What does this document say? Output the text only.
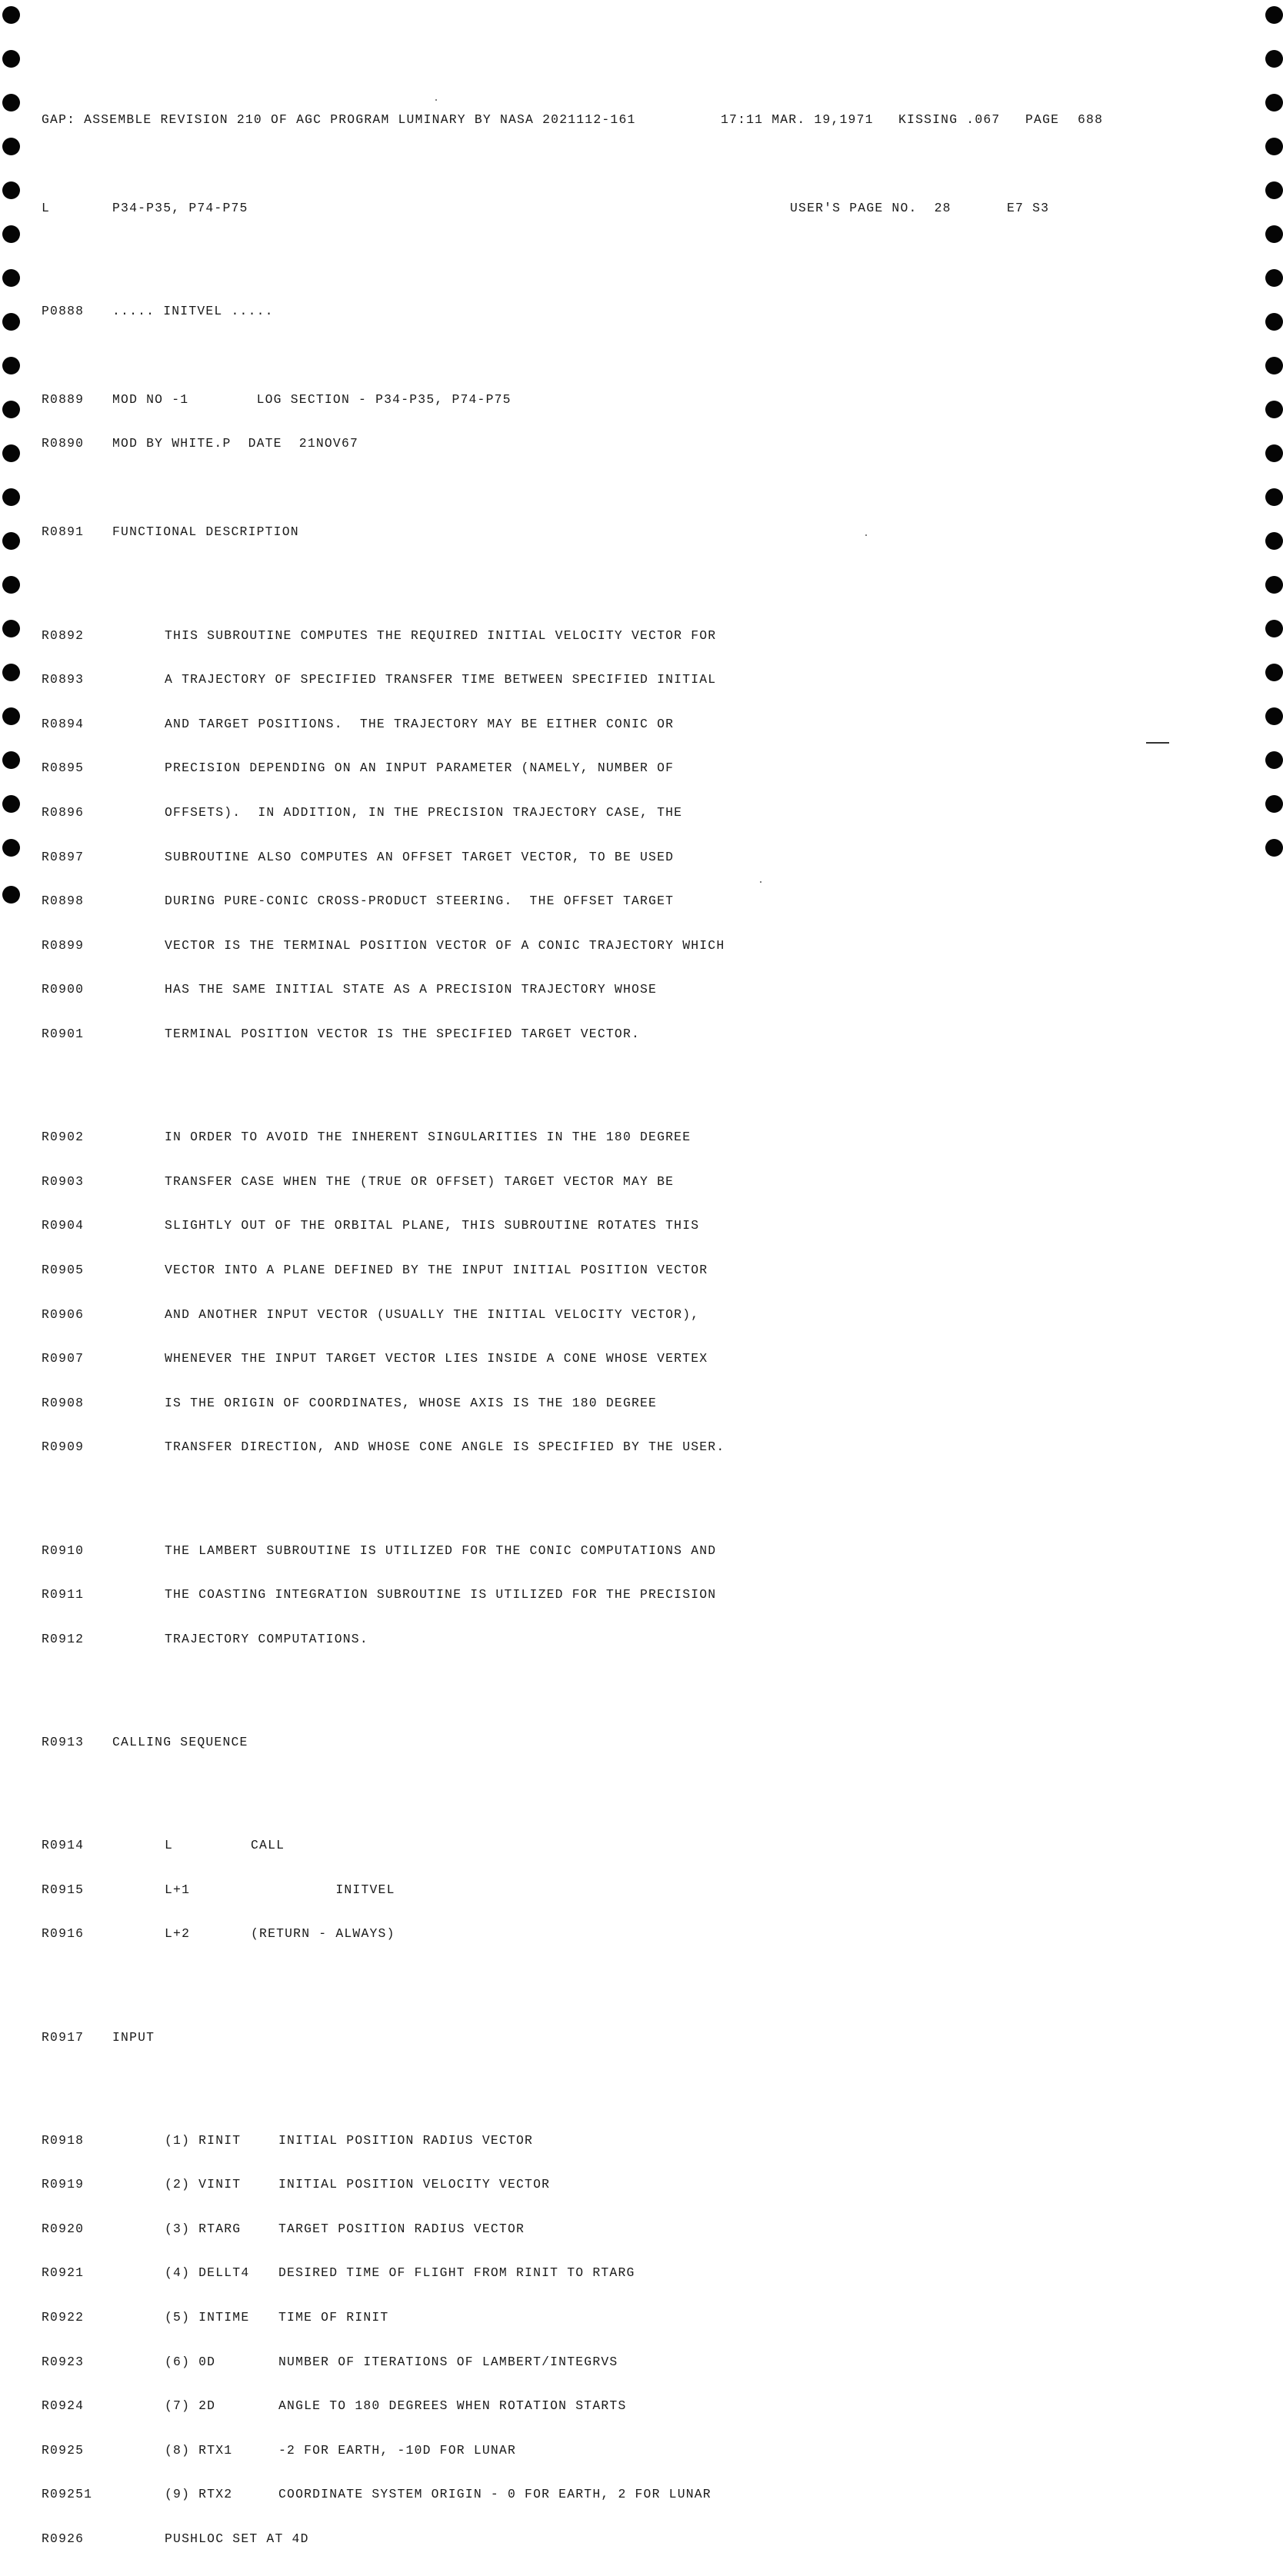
GAP: ASSEMBLE REVISION 210 OF AGC PROGRAM LUMINARY BY NASA 2021112-161	17:11 MAR. 19,1971	KISSING .067	PAGE	688

L	P34-P35, P74-P75	USER'S PAGE NO.  28	E7 S3

P0888	..... INITVEL .....

R0889	MOD NO -1        LOG SECTION - P34-P35, P74-P75

R0890	MOD BY WHITE.P  DATE  21NOV67

R0891	FUNCTIONAL DESCRIPTION

R0892	THIS SUBROUTINE COMPUTES THE REQUIRED INITIAL VELOCITY VECTOR FOR

R0893	A TRAJECTORY OF SPECIFIED TRANSFER TIME BETWEEN SPECIFIED INITIAL

R0894	AND TARGET POSITIONS.  THE TRAJECTORY MAY BE EITHER CONIC OR

R0895	PRECISION DEPENDING ON AN INPUT PARAMETER (NAMELY, NUMBER OF

R0896	OFFSETS).  IN ADDITION, IN THE PRECISION TRAJECTORY CASE, THE

R0897	SUBROUTINE ALSO COMPUTES AN OFFSET TARGET VECTOR, TO BE USED

R0898	DURING PURE-CONIC CROSS-PRODUCT STEERING.  THE OFFSET TARGET

R0899	VECTOR IS THE TERMINAL POSITION VECTOR OF A CONIC TRAJECTORY WHICH

R0900	HAS THE SAME INITIAL STATE AS A PRECISION TRAJECTORY WHOSE

R0901	TERMINAL POSITION VECTOR IS THE SPECIFIED TARGET VECTOR.

R0902	IN ORDER TO AVOID THE INHERENT SINGULARITIES IN THE 180 DEGREE

R0903	TRANSFER CASE WHEN THE (TRUE OR OFFSET) TARGET VECTOR MAY BE

R0904	SLIGHTLY OUT OF THE ORBITAL PLANE, THIS SUBROUTINE ROTATES THIS

R0905	VECTOR INTO A PLANE DEFINED BY THE INPUT INITIAL POSITION VECTOR

R0906	AND ANOTHER INPUT VECTOR (USUALLY THE INITIAL VELOCITY VECTOR),

R0907	WHENEVER THE INPUT TARGET VECTOR LIES INSIDE A CONE WHOSE VERTEX

R0908	IS THE ORIGIN OF COORDINATES, WHOSE AXIS IS THE 180 DEGREE

R0909	TRANSFER DIRECTION, AND WHOSE CONE ANGLE IS SPECIFIED BY THE USER.

R0910	THE LAMBERT SUBROUTINE IS UTILIZED FOR THE CONIC COMPUTATIONS AND

R0911	THE COASTING INTEGRATION SUBROUTINE IS UTILIZED FOR THE PRECISION

R0912	TRAJECTORY COMPUTATIONS.

R0913	CALLING SEQUENCE

R0914	L	CALL

R0915	L+1	INITVEL

R0916	L+2	(RETURN - ALWAYS)

R0917	INPUT

R0918	(1) RINIT	INITIAL POSITION RADIUS VECTOR

R0919	(2) VINIT	INITIAL POSITION VELOCITY VECTOR

R0920	(3) RTARG	TARGET POSITION RADIUS VECTOR

R0921	(4) DELLT4	DESIRED TIME OF FLIGHT FROM RINIT TO RTARG

R0922	(5) INTIME	TIME OF RINIT

R0923	(6) 0D	NUMBER OF ITERATIONS OF LAMBERT/INTEGRVS

R0924	(7) 2D	ANGLE TO 180 DEGREES WHEN ROTATION STARTS

R0925	(8) RTX1	-2 FOR EARTH, -10D FOR LUNAR

R09251	(9) RTX2	COORDINATE SYSTEM ORIGIN - 0 FOR EARTH, 2 FOR LUNAR

R0926	PUSHLOC SET AT 4D
